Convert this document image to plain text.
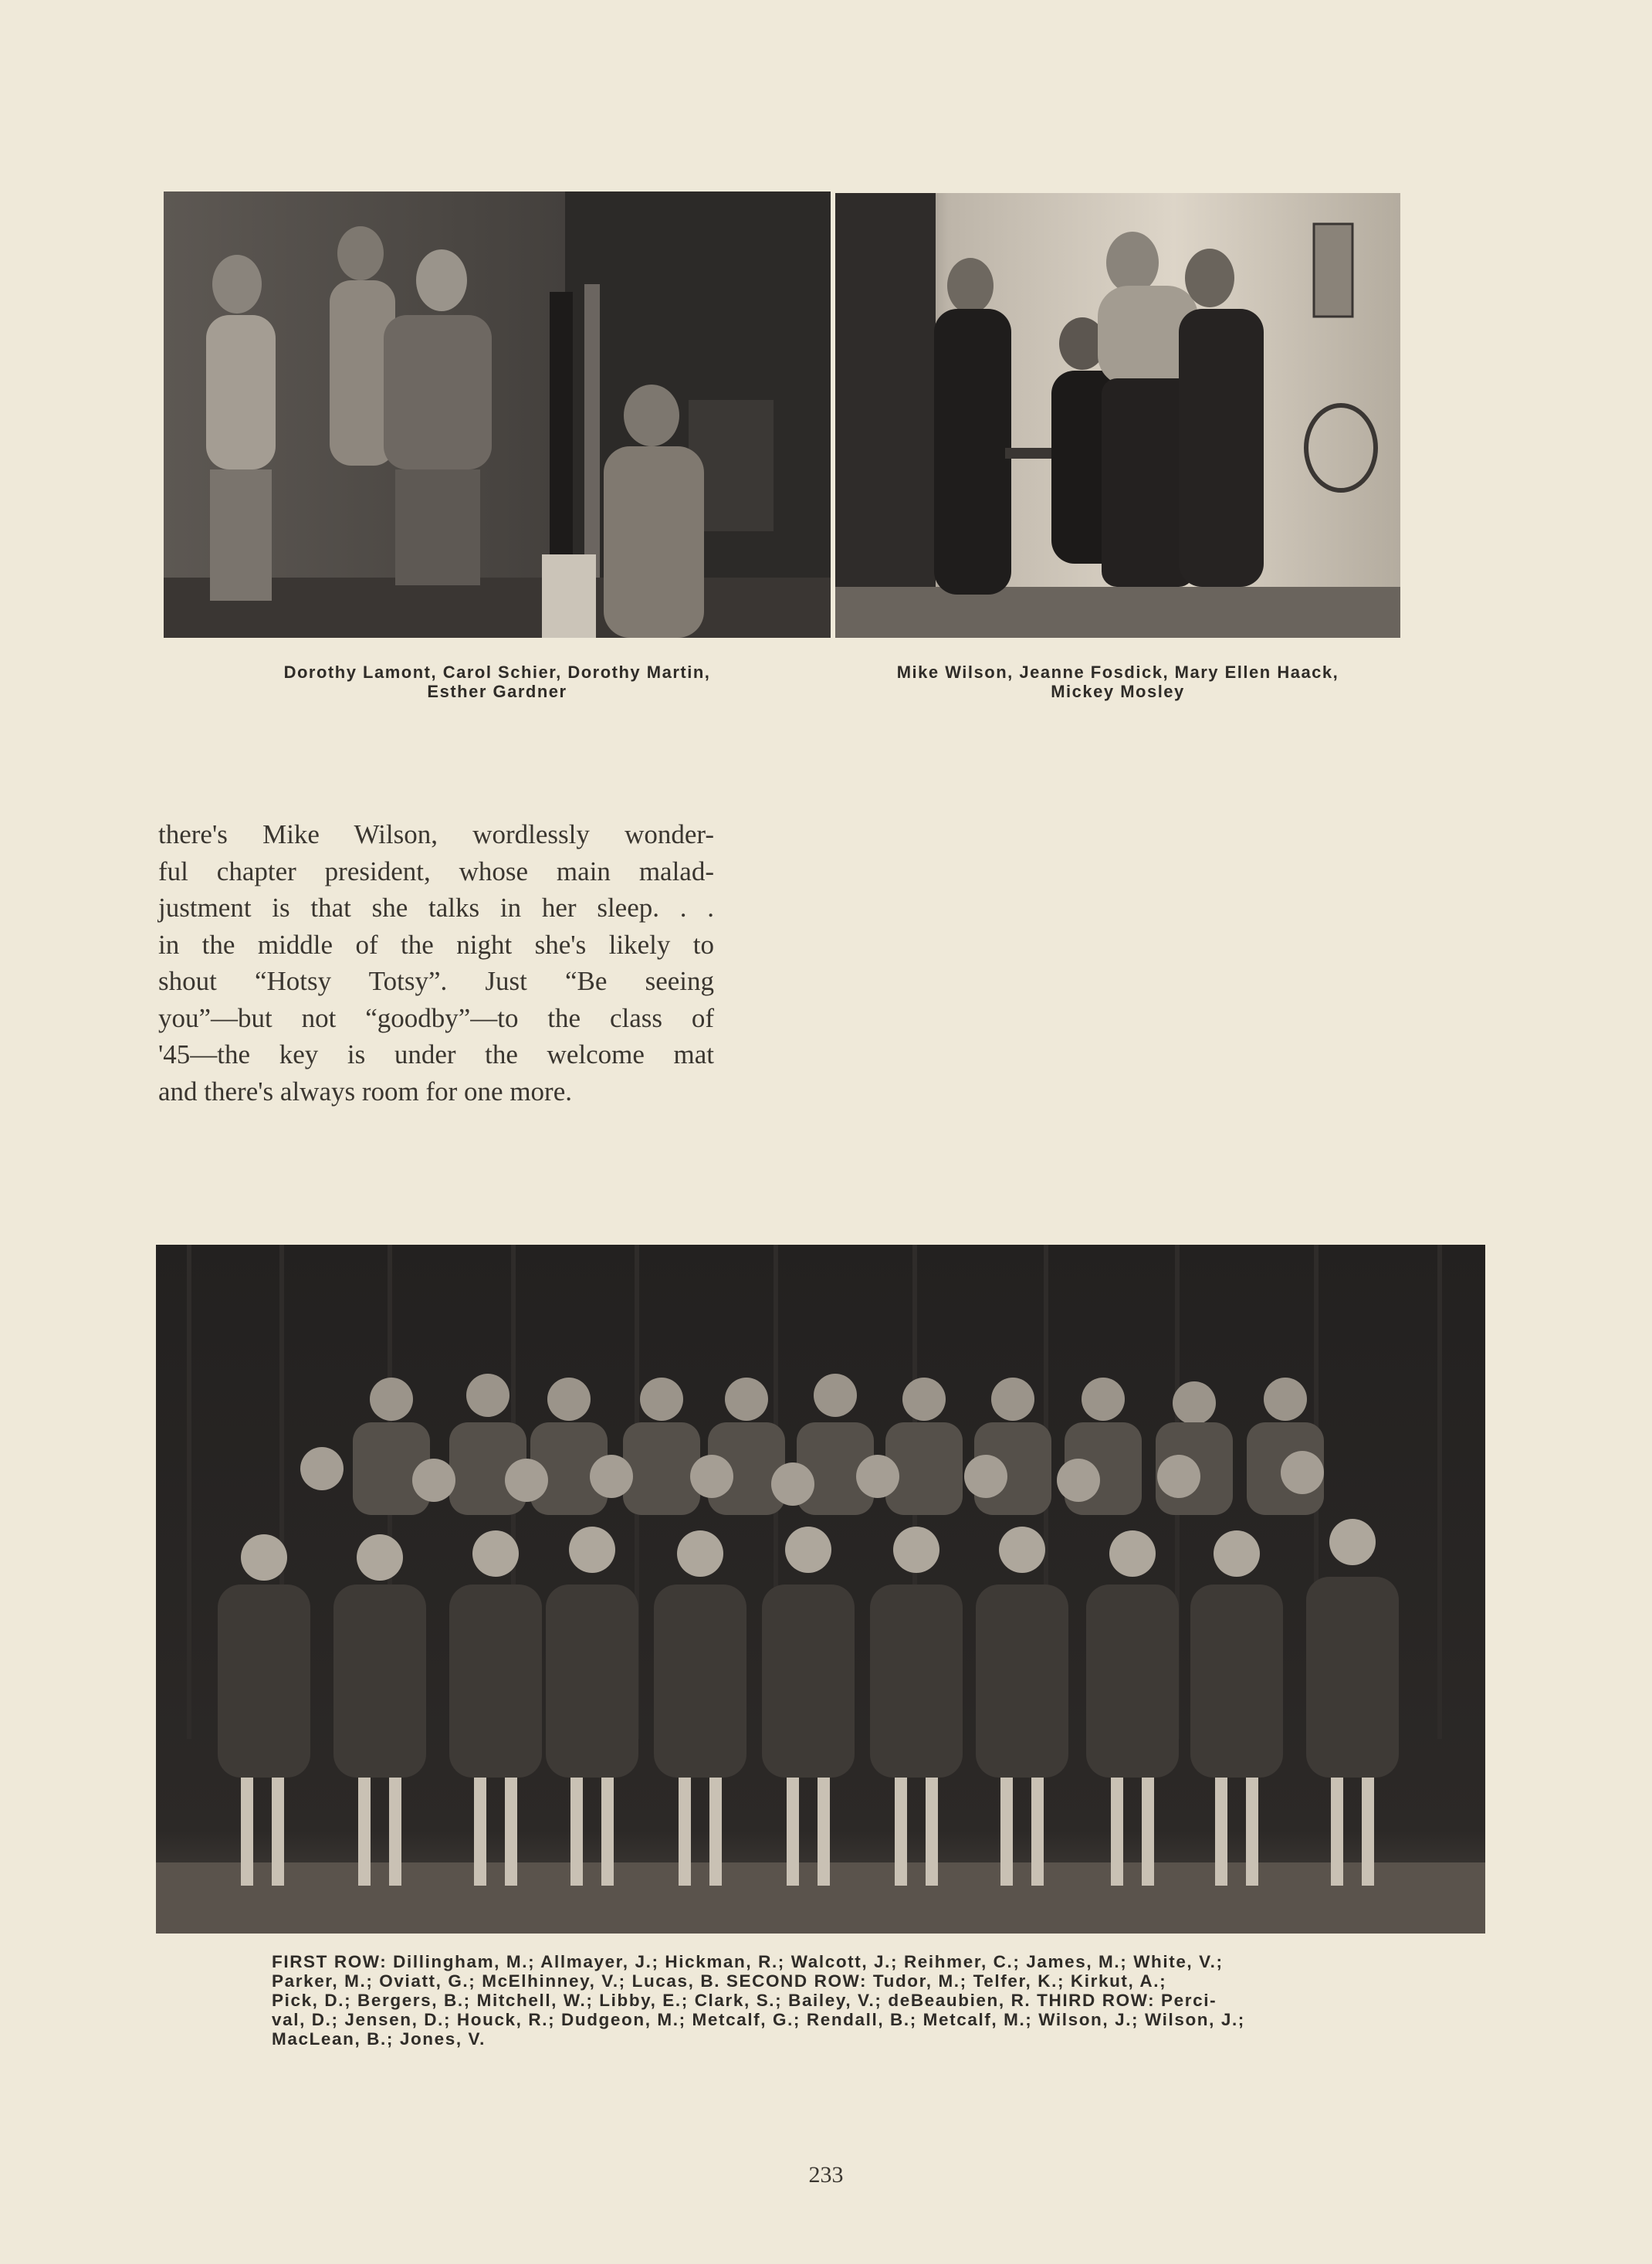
Dorothy Lamont, Carol Schier, Dorothy Martin,
Esther Gardner
Mike Wilson, Jeanne Fosdick, Mary Ellen Haack,
Mickey Mosley
there's Mike Wilson, wordlessly wonder-
ful chapter president, whose main malad-
justment is that she talks in her sleep. . .
in the middle of the night she's likely to
shout “Hotsy Totsy”. Just “Be seeing
you”—but not “goodby”—to the class of
'45—the key is under the welcome mat
and there's always room for one more.
FIRST ROW: Dillingham, M.; Allmayer, J.; Hickman, R.; Walcott, J.; Reihmer, C.; James, M.; White, V.;
Parker, M.; Oviatt, G.; McElhinney, V.; Lucas, B. SECOND ROW: Tudor, M.; Telfer, K.; Kirkut, A.;
Pick, D.; Bergers, B.; Mitchell, W.; Libby, E.; Clark, S.; Bailey, V.; deBeaubien, R. THIRD ROW: Perci-
val, D.; Jensen, D.; Houck, R.; Dudgeon, M.; Metcalf, G.; Rendall, B.; Metcalf, M.; Wilson, J.; Wilson, J.;
MacLean, B.; Jones, V.
233
